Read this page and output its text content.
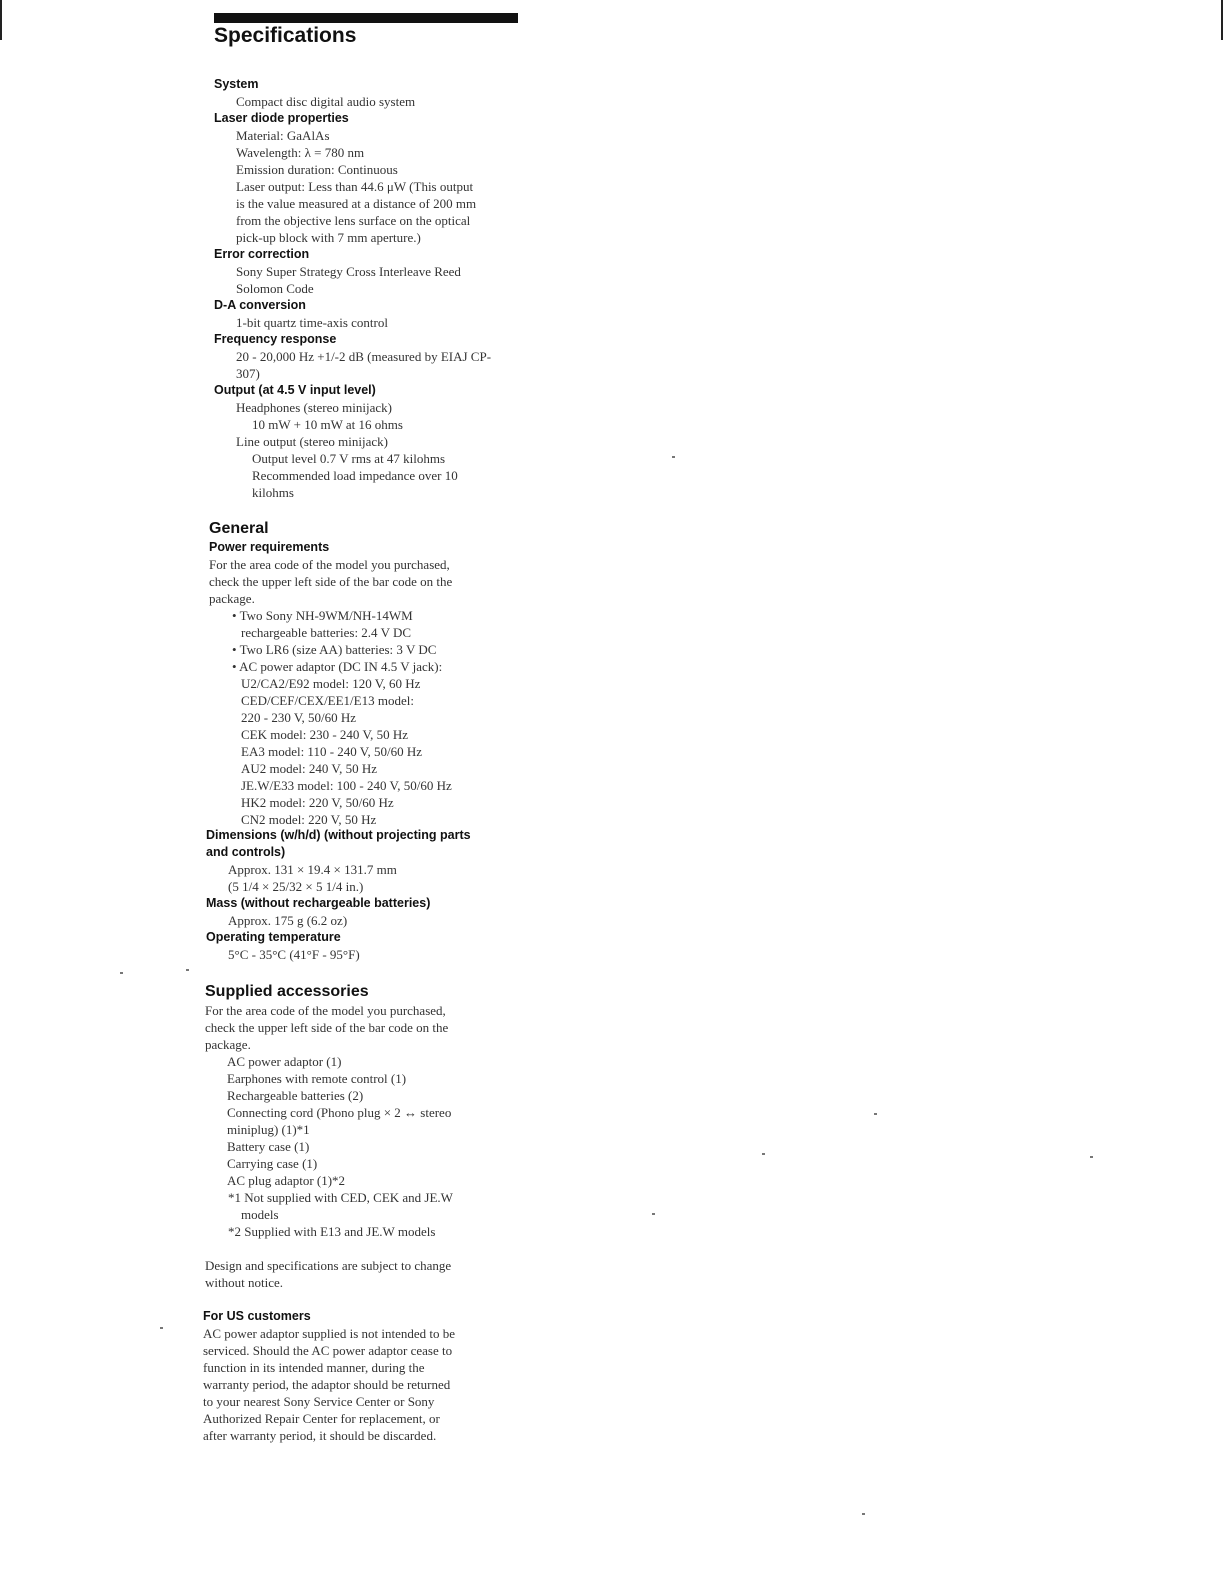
Specifications
System

Compact disc digital audio system

Laser diode properties

Material: GaAlAs

Wavelength: λ = 780 nm

Emission duration: Continuous

Laser output: Less than 44.6 μW (This output

is the value measured at a distance of 200 mm

from the objective lens surface on the optical

pick-up block with 7 mm aperture.)

Error correction

Sony Super Strategy Cross Interleave Reed

Solomon Code

D-A conversion

1-bit quartz time-axis control

Frequency response

20 - 20,000 Hz +1/-2 dB (measured by EIAJ CP-

307)

Output (at 4.5 V input level)

Headphones (stereo minijack)

10 mW + 10 mW at 16 ohms

Line output (stereo minijack)

Output level 0.7 V rms at 47 kilohms

Recommended load impedance over 10

kilohms

General
Power requirements

For the area code of the model you purchased,

check the upper left side of the bar code on the

package.

• Two Sony NH-9WM/NH-14WM

rechargeable batteries: 2.4 V DC

• Two LR6 (size AA) batteries: 3 V DC

• AC power adaptor (DC IN 4.5 V jack):

U2/CA2/E92 model: 120 V, 60 Hz

CED/CEF/CEX/EE1/E13 model:

220 - 230 V, 50/60 Hz

CEK model: 230 - 240 V, 50 Hz

EA3 model: 110 - 240 V, 50/60 Hz

AU2 model: 240 V, 50 Hz

JE.W/E33 model: 100 - 240 V, 50/60 Hz

HK2 model: 220 V, 50/60 Hz

CN2 model: 220 V, 50 Hz

Dimensions (w/h/d) (without projecting parts
and controls)

Approx. 131 × 19.4 × 131.7 mm

(5 1/4 × 25/32 × 5 1/4 in.)

Mass (without rechargeable batteries)

Approx. 175 g (6.2 oz)

Operating temperature

5°C - 35°C (41°F - 95°F)

Supplied accessories

For the area code of the model you purchased,

check the upper left side of the bar code on the

package.

AC power adaptor (1)

Earphones with remote control (1)

Rechargeable batteries (2)

Connecting cord (Phono plug × 2 ↔ stereo

miniplug) (1)*1

Battery case (1)

Carrying case (1)

AC plug adaptor (1)*2

*1 Not supplied with CED, CEK and JE.W

models

*2 Supplied with E13 and JE.W models

Design and specifications are subject to change

without notice.

For US customers

AC power adaptor supplied is not intended to be

serviced. Should the AC power adaptor cease to

function in its intended manner, during the

warranty period, the adaptor should be returned

to your nearest Sony Service Center or Sony

Authorized Repair Center for replacement, or

after warranty period, it should be discarded.
